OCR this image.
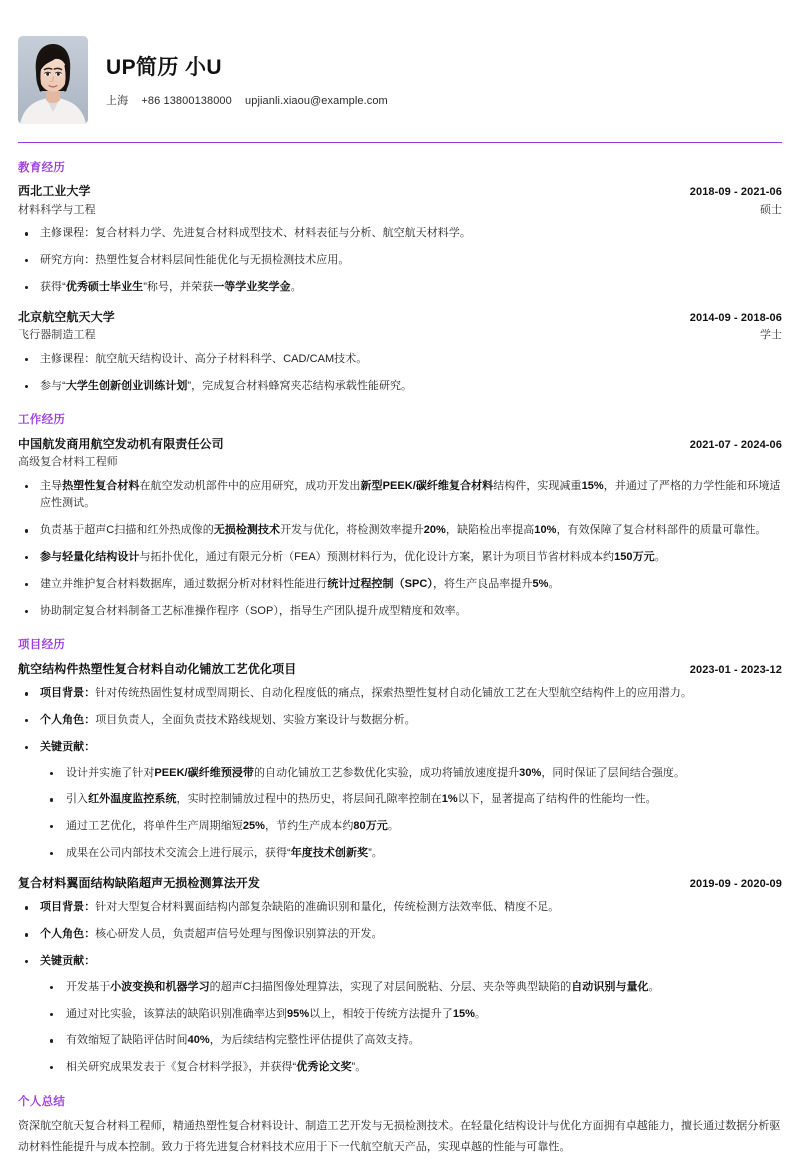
UP简历 小U
上海 +86 13800138000 upjianli.xiaou@example.com
教育经历
西北工业大学	2018-09 - 2021-06
材料科学与工程	硕士
主修课程：复合材料力学、先进复合材料成型技术、材料表征与分析、航空航天材料学。
研究方向：热塑性复合材料层间性能优化与无损检测技术应用。
获得“优秀硕士毕业生”称号，并荣获一等学业奖学金。
北京航空航天大学	2014-09 - 2018-06
飞行器制造工程	学士
主修课程：航空航天结构设计、高分子材料科学、CAD/CAM技术。
参与“大学生创新创业训练计划”，完成复合材料蜂窝夹芯结构承载性能研究。
工作经历
中国航发商用航空发动机有限责任公司	2021-07 - 2024-06
高级复合材料工程师
主导热塑性复合材料在航空发动机部件中的应用研究，成功开发出新型PEEK/碳纤维复合材料结构件，实现减重15%，并通过了严格的力学性能和环境适应性测试。
负责基于超声C扫描和红外热成像的无损检测技术开发与优化，将检测效率提升20%，缺陷检出率提高10%，有效保障了复合材料部件的质量可靠性。
参与轻量化结构设计与拓扑优化，通过有限元分析（FEA）预测材料行为，优化设计方案，累计为项目节省材料成本约150万元。
建立并维护复合材料数据库，通过数据分析对材料性能进行统计过程控制（SPC），将生产良品率提升5%。
协助制定复合材料制备工艺标准操作程序（SOP），指导生产团队提升成型精度和效率。
项目经历
航空结构件热塑性复合材料自动化铺放工艺优化项目	2023-01 - 2023-12
项目背景：针对传统热固性复材成型周期长、自动化程度低的痛点，探索热塑性复材自动化铺放工艺在大型航空结构件上的应用潜力。
个人角色：项目负责人，全面负责技术路线规划、实验方案设计与数据分析。
关键贡献：
设计并实施了针对PEEK/碳纤维预浸带的自动化铺放工艺参数优化实验，成功将铺放速度提升30%，同时保证了层间结合强度。
引入红外温度监控系统，实时控制铺放过程中的热历史，将层间孔隙率控制在1%以下，显著提高了结构件的性能均一性。
通过工艺优化，将单件生产周期缩短25%，节约生产成本约80万元。
成果在公司内部技术交流会上进行展示，获得“年度技术创新奖”。
复合材料翼面结构缺陷超声无损检测算法开发	2019-09 - 2020-09
项目背景：针对大型复合材料翼面结构内部复杂缺陷的准确识别和量化，传统检测方法效率低、精度不足。
个人角色：核心研发人员，负责超声信号处理与图像识别算法的开发。
关键贡献：
开发基于小波变换和机器学习的超声C扫描图像处理算法，实现了对层间脱粘、分层、夹杂等典型缺陷的自动识别与量化。
通过对比实验，该算法的缺陷识别准确率达到95%以上，相较于传统方法提升了15%。
有效缩短了缺陷评估时间40%，为后续结构完整性评估提供了高效支持。
相关研究成果发表于《复合材料学报》，并获得“优秀论文奖”。
个人总结
资深航空航天复合材料工程师，精通热塑性复合材料设计、制造工艺开发与无损检测技术。在轻量化结构设计与优化方面拥有卓越能力，擅长通过数据分析驱动材料性能提升与成本控制。致力于将先进复合材料技术应用于下一代航空航天产品，实现卓越的性能与可靠性。
